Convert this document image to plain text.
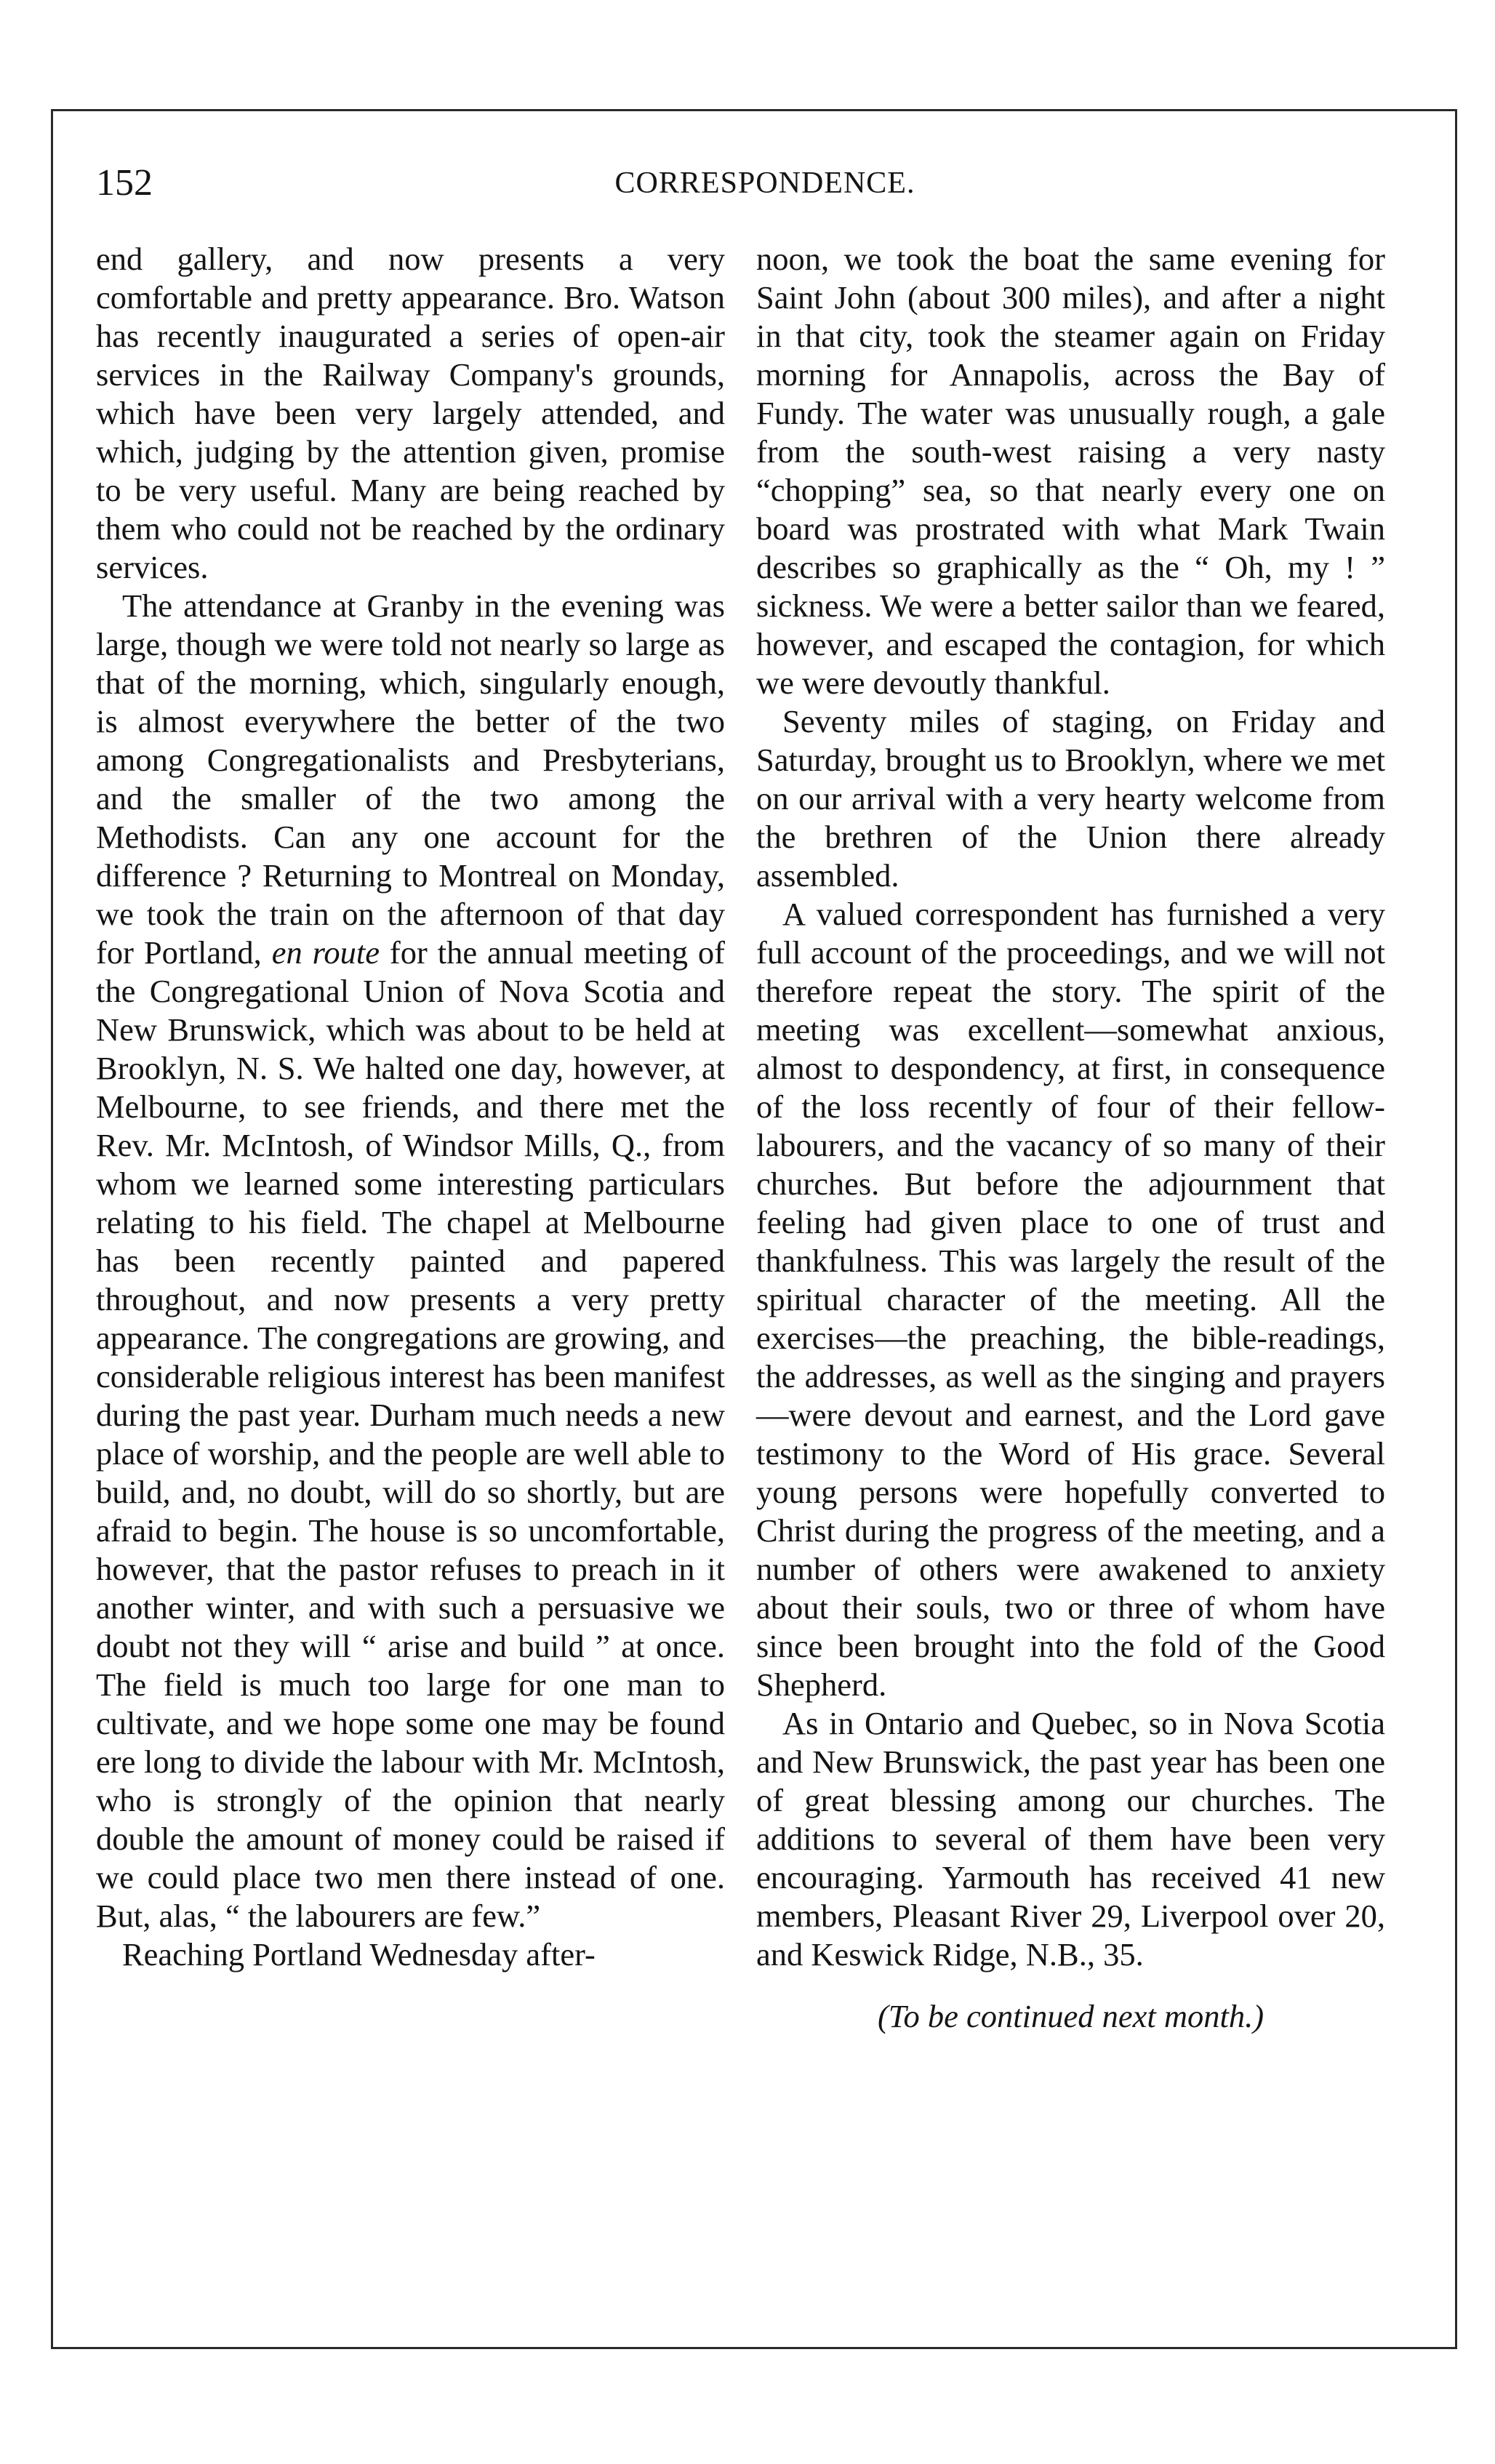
152	CORRESPONDENCE.

end gallery, and now presents a very comfortable and pretty appearance. Bro. Watson has recently inaugurated a series of open-air services in the Railway Company's grounds, which have been very largely attended, and which, judging by the attention given, promise to be very useful. Many are being reached by them who could not be reached by the ordinary services.

The attendance at Granby in the evening was large, though we were told not nearly so large as that of the morning, which, singularly enough, is almost everywhere the better of the two among Congregationalists and Presbyterians, and the smaller of the two among the Methodists. Can any one account for the difference ? Returning to Montreal on Monday, we took the train on the afternoon of that day for Portland, en route for the annual meeting of the Congregational Union of Nova Scotia and New Brunswick, which was about to be held at Brooklyn, N. S. We halted one day, however, at Melbourne, to see friends, and there met the Rev. Mr. McIntosh, of Windsor Mills, Q., from whom we learned some interesting particulars relating to his field. The chapel at Melbourne has been recently painted and papered throughout, and now presents a very pretty appearance. The congregations are growing, and considerable religious interest has been manifest during the past year. Durham much needs a new place of worship, and the people are well able to build, and, no doubt, will do so shortly, but are afraid to begin. The house is so uncomfortable, however, that the pastor refuses to preach in it another winter, and with such a persuasive we doubt not they will “ arise and build ” at once. The field is much too large for one man to cultivate, and we hope some one may be found ere long to divide the labour with Mr. McIntosh, who is strongly of the opinion that nearly double the amount of money could be raised if we could place two men there instead of one. But, alas, “ the labourers are few.”

Reaching Portland Wednesday after-

noon, we took the boat the same evening for Saint John (about 300 miles), and after a night in that city, took the steamer again on Friday morning for Annapolis, across the Bay of Fundy. The water was unusually rough, a gale from the south-west raising a very nasty “chopping” sea, so that nearly every one on board was prostrated with what Mark Twain describes so graphically as the “ Oh, my ! ” sickness. We were a better sailor than we feared, however, and escaped the contagion, for which we were devoutly thankful.

Seventy miles of staging, on Friday and Saturday, brought us to Brooklyn, where we met on our arrival with a very hearty welcome from the brethren of the Union there already assembled.

A valued correspondent has furnished a very full account of the proceedings, and we will not therefore repeat the story. The spirit of the meeting was excellent—somewhat anxious, almost to despondency, at first, in consequence of the loss recently of four of their fellow-labourers, and the vacancy of so many of their churches. But before the adjournment that feeling had given place to one of trust and thankfulness. This was largely the result of the spiritual character of the meeting. All the exercises—the preaching, the bible-readings, the addresses, as well as the singing and prayers—were devout and earnest, and the Lord gave testimony to the Word of His grace. Several young persons were hopefully converted to Christ during the progress of the meeting, and a number of others were awakened to anxiety about their souls, two or three of whom have since been brought into the fold of the Good Shepherd.

As in Ontario and Quebec, so in Nova Scotia and New Brunswick, the past year has been one of great blessing among our churches. The additions to several of them have been very encouraging. Yarmouth has received 41 new members, Pleasant River 29, Liverpool over 20, and Keswick Ridge, N.B., 35.

(To be continued next month.)
